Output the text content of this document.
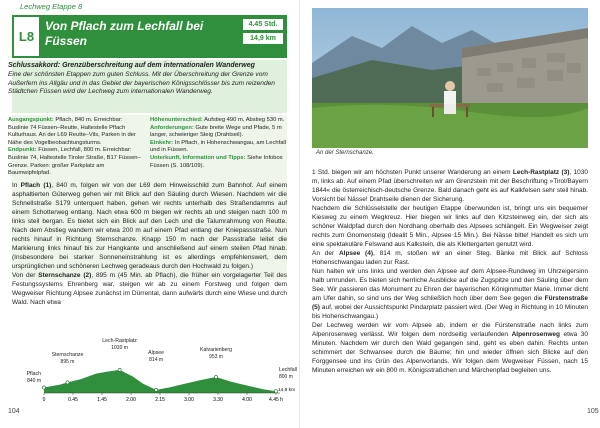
Lechweg Etappe 8
L8
Von Pflach zum Lechfall bei Füssen
4.45 Std.
14,9 km
Schlussakkord: Grenzüberschreitung auf dem internationalen Wanderweg
Eine der schönsten Etappen zum guten Schluss. Mit der Überschreitung der Grenze vom Außerfern ins Allgäu und in das Gebiet der bayerischen Königsschlösser bis zum reizenden Städtchen Füssen wird der Lechweg zum internationalen Wanderweg.
Ausgangspunkt: Pflach, 840 m. Erreichbar: Buslinie 74 Füssen–Reutte, Haltestelle Pflach Kulturhaus. An der L69 Reutte–Vils, Parken in der Nähe des Vogelbeobachtungsturms.
Endpunkt: Füssen, Lechfall, 800 m. Erreichbar: Buslinie 74, Haltestelle Tiroler Straße, B17 Füssen–Grenze. Parken: großer Parkplatz am Baumwipfelpfad.
Höhenunterschied: Aufstieg 490 m, Abstieg 530 m.
Anforderungen: Gute breite Wege und Pfade, 5 m langer, schwieriger Steig (Drahtseil).
Einkehr: In Pflach, in Hohenschwangau, am Lechfall und in Füssen.
Unterkunft, Information und Tipps: Siehe Infobox Füssen (S. 108/109).
In Pflach (1), 840 m, folgen wir von der L69 dem Hinweisschild zum Bahnhof. Auf einem asphaltierten Güterweg gehen wir mit Blick auf den Säuling durch Wiesen. Nachdem wir die Schnellstraße S179 unterquert haben, gehen wir rechts unterhalb des Straßendamms auf einem Schotterweg entlang. Nach etwa 600 m biegen wir rechts ab und steigen nach 100 m links steil bergan. Es bietet sich ein Blick auf den Lech und die Talumrahmung von Reutte. Nach dem Abstieg wandern wir etwa 200 m auf einem Pfad entlang der Kniepassstraße. Nun rechts hinauf in Richtung Sternschanze. Knapp 150 m nach der Passstraße leitet die Markierung links hinauf bis zur Hangkante und anschließend auf einem steilen Pfad hinab. (Insbesondere bei starker Sonneneinstrahlung ist es allerdings empfehlenswert, dem ursprünglichen und schöneren Lechweg geradeaus durch den Hochwald zu folgen.)
Von der Sternschanze (2), 895 m (45 Min. ab Pflach), die früher ein vorgelagerter Teil des Festungssystems Ehrenberg war, steigen wir ab zu einem Forstweg und folgen dem Wegweiser Richtung Alpsee zunächst im Dürrental, dann aufwärts durch eine Wiese und durch Wald. Nach etwa
Pflach
840 m
Sternschanze
895 m
Lech-Rastplatz
1030 m
Alpsee
814 m
Kalvarienberg
953 m
Lechfall
800 m
14,9 km
0	0.45	1.45	2.00	2.15	3.00	3.30	4.00	4.45 h
104
An der Sternschanze.
1 Std. biegen wir am höchsten Punkt unserer Wanderung an einem Lech-Rastplatz (3), 1030 m, links ab. Auf einem Pfad überschreiten wir am Grenzstein mit der Beschriftung »Tirol/Bayern 1844« die österreichisch-deutsche Grenze. Bald danach geht es auf Kalkfelsen sehr steil hinab. Vorsicht bei Nässe! Drahtseile dienen der Sicherung.
Nachdem die Schlüsselstelle der heutigen Etappe überwunden ist, bringt uns ein bequemer Kiesweg zu einem Wegkreuz. Hier biegen wir links auf den Kitzsteinweg ein, der sich als schöner Waldpfad durch den Nordhang oberhalb des Alpsees schlängelt. Ein Wegweiser zeigt rechts zum Gnomensteig (Idealit 5 Min., Alpsee 15 Min.). Bei Nässe bitte! Handelt es sich um eine spektakuläre Felswand aus Kalkstein, die als Klettergarten genutzt wird.
An der Alpsee (4), 814 m, stoßen wir an einer Steg. Bänke mit Blick auf Schloss Hohenschwangau laden zur Rast.
Nun halten wir uns links und werden den Alpsee auf dem Alpsee-Rundweg im Uhrzeigersinn halb umrunden. Es bieten sich herrliche Ausblicke auf die Zugspitze und den Säuling über dem See. Wir passieren das Monument zu Ehren der bayerischen Königinmutter Marie. Immer dicht am Ufer dahin, so sind uns der Weg schließlich hoch über dem See gegen die Fürstenstraße (5) auf, wobei der Aussichtspunkt Pindarplatz passiert wird. (Der Weg in Richtung in 10 Minuten bis Hohenschwangau.)
Der Lechweg werden wir vom Alpsee ab, indem er die Fürstenstraße nach links zum Alpenrosenweg verlässt. Wir folgen dem nordseitig verlaufenden Alpenrosenweg etwa 30 Minuten. Nachdem wir durch den Wald gegangen sind, geht es eben dahin. Rechts unten schimmert der Schwansee durch die Bäume; hin und wieder öffnen sich Blicke auf den Forggensee und ins Grün des Alpenvorlands. Wir folgen dem Wegweiser Füssen, nach 15 Minuten erreichen wir ein 800 m. Königsstraßchen und Märchenpfad begleiten uns.
105
